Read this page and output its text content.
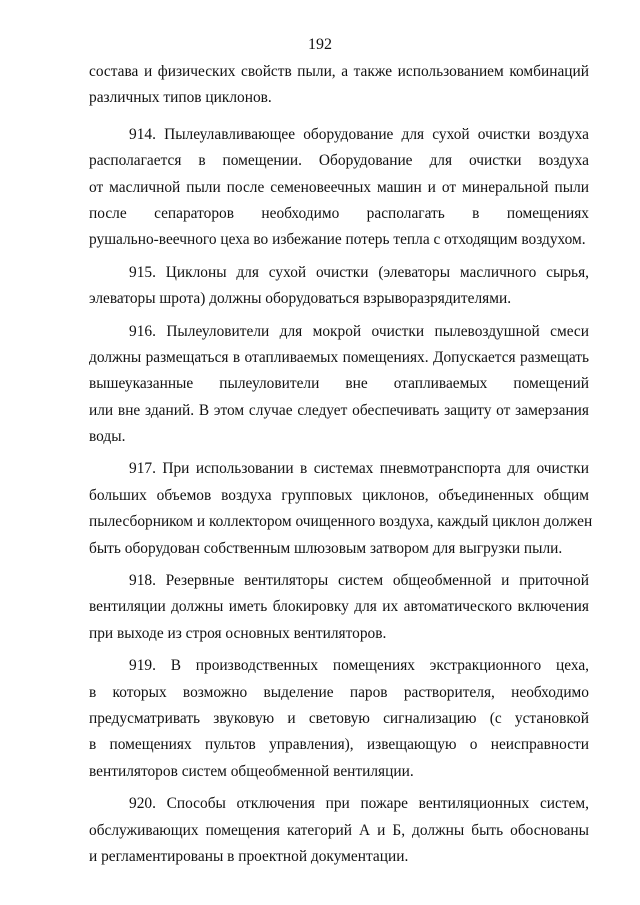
192
состава и физических свойств пыли, а также использованием комбинаций
различных типов циклонов.
914. Пылеулавливающее оборудование для сухой очистки воздуха
располагается в помещении. Оборудование для очистки воздуха
от масличной пыли после семеновеечных машин и от минеральной пыли
после сепараторов необходимо располагать в помещениях
рушально-веечного цеха во избежание потерь тепла с отходящим воздухом.
915. Циклоны для сухой очистки (элеваторы масличного сырья,
элеваторы шрота) должны оборудоваться взрыворазрядителями.
916. Пылеуловители для мокрой очистки пылевоздушной смеси
должны размещаться в отапливаемых помещениях. Допускается размещать
вышеуказанные пылеуловители вне отапливаемых помещений
или вне зданий. В этом случае следует обеспечивать защиту от замерзания
воды.
917. При использовании в системах пневмотранспорта для очистки
больших объемов воздуха групповых циклонов, объединенных общим
пылесборником и коллектором очищенного воздуха, каждый циклон должен
быть оборудован собственным шлюзовым затвором для выгрузки пыли.
918. Резервные вентиляторы систем общеобменной и приточной
вентиляции должны иметь блокировку для их автоматического включения
при выходе из строя основных вентиляторов.
919. В производственных помещениях экстракционного цеха,
в которых возможно выделение паров растворителя, необходимо
предусматривать звуковую и световую сигнализацию (с установкой
в помещениях пультов управления), извещающую о неисправности
вентиляторов систем общеобменной вентиляции.
920. Способы отключения при пожаре вентиляционных систем,
обслуживающих помещения категорий А и Б, должны быть обоснованы
и регламентированы в проектной документации.
